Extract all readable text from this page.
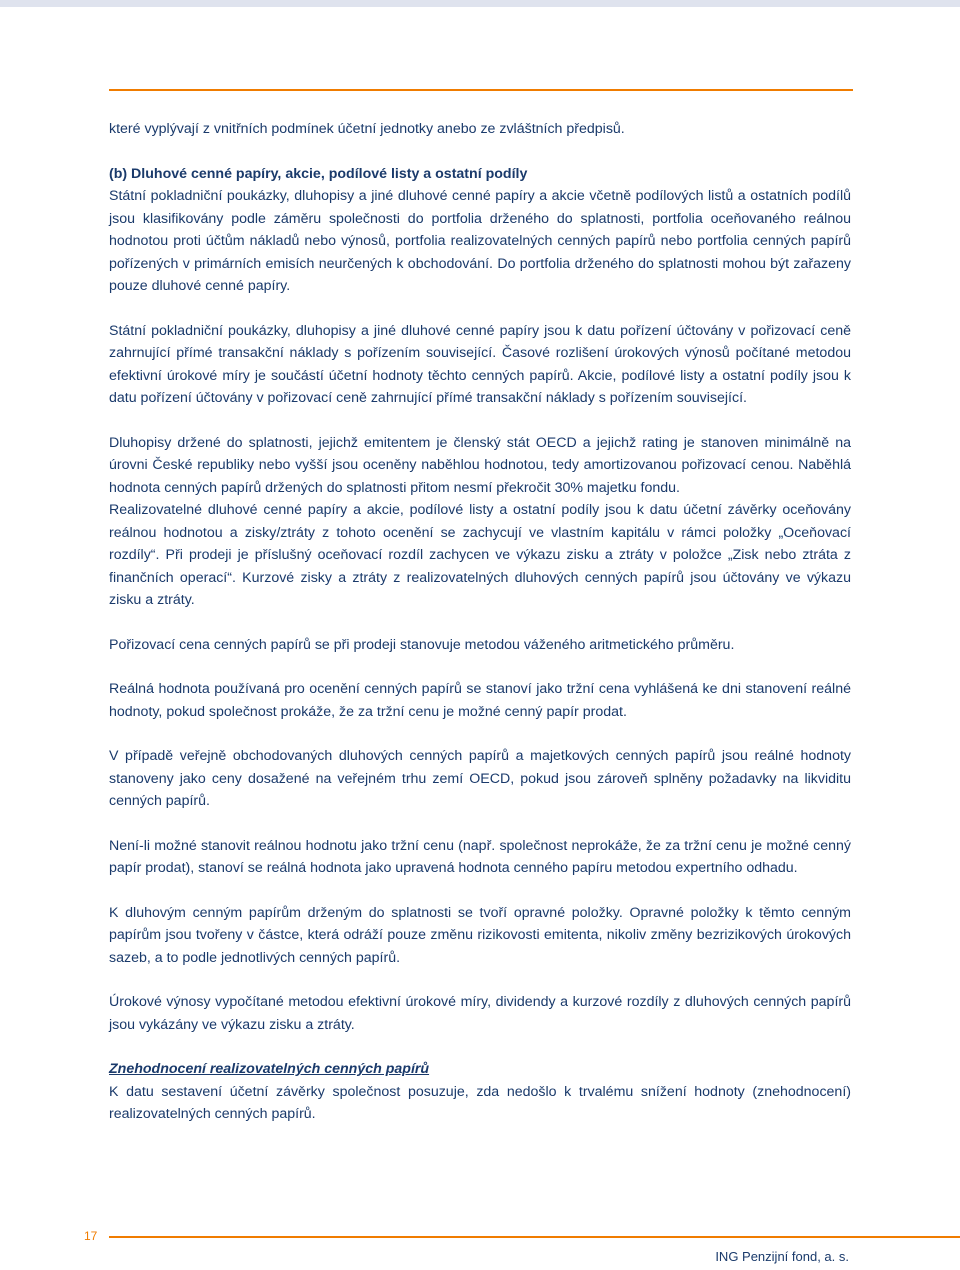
které vyplývají z vnitřních podmínek účetní jednotky anebo ze zvláštních předpisů.

(b) Dluhové cenné papíry, akcie, podílové listy a ostatní podíly

Státní pokladniční poukázky, dluhopisy a jiné dluhové cenné papíry a akcie včetně podílových listů a ostatních podílů jsou klasifikovány podle záměru společnosti do portfolia drženého do splatnosti, portfolia oceňovaného reálnou hodnotou proti účtům nákladů nebo výnosů, portfolia realizovatelných cenných papírů nebo portfolia cenných papírů pořízených v primárních emisích neurčených k obchodování. Do portfolia drženého do splatnosti mohou být zařazeny pouze dluhové cenné papíry.

Státní pokladniční poukázky, dluhopisy a jiné dluhové cenné papíry jsou k datu pořízení účtovány v pořizovací ceně zahrnující přímé transakční náklady s pořízením související. Časové rozlišení úrokových výnosů počítané metodou efektivní úrokové míry je součástí účetní hodnoty těchto cenných papírů. Akcie, podílové listy a ostatní podíly jsou k datu pořízení účtovány v pořizovací ceně zahrnující přímé transakční náklady s pořízením související.

Dluhopisy držené do splatnosti, jejichž emitentem je členský stát OECD a jejichž rating je stanoven minimálně na úrovni České republiky nebo vyšší jsou oceněny naběhlou hodnotou, tedy amortizovanou pořizovací cenou. Naběhlá hodnota cenných papírů držených do splatnosti přitom nesmí překročit 30% majetku fondu.

Realizovatelné dluhové cenné papíry a akcie, podílové listy a ostatní podíly jsou k datu účetní závěrky oceňovány reálnou hodnotou a zisky/ztráty z tohoto ocenění se zachycují ve vlastním kapitálu v rámci položky „Oceňovací rozdíly“. Při prodeji je příslušný oceňovací rozdíl zachycen ve výkazu zisku a ztráty v položce „Zisk nebo ztráta z finančních operací“. Kurzové zisky a ztráty z realizovatelných dluhových cenných papírů jsou účtovány ve výkazu zisku a ztráty.

Pořizovací cena cenných papírů se při prodeji stanovuje metodou váženého aritmetického průměru.

Reálná hodnota používaná pro ocenění cenných papírů se stanoví jako tržní cena vyhlášená ke dni stanovení reálné hodnoty, pokud společnost prokáže, že za tržní cenu je možné cenný papír prodat.

V případě veřejně obchodovaných dluhových cenných papírů a majetkových cenných papírů jsou reálné hodnoty stanoveny jako ceny dosažené na veřejném trhu zemí OECD, pokud jsou zároveň splněny požadavky na likviditu cenných papírů.

Není-li možné stanovit reálnou hodnotu jako tržní cenu (např. společnost neprokáže, že za tržní cenu je možné cenný papír prodat), stanoví se reálná hodnota jako upravená hodnota cenného papíru metodou expertního odhadu.

K dluhovým cenným papírům drženým do splatnosti se tvoří opravné položky. Opravné položky k těmto cenným papírům jsou tvořeny v částce, která odráží pouze změnu rizikovosti emitenta, nikoliv změny bezrizikových úrokových sazeb, a to podle jednotlivých cenných papírů.

Úrokové výnosy vypočítané metodou efektivní úrokové míry, dividendy a kurzové rozdíly z dluhových cenných papírů jsou vykázány ve výkazu zisku a ztráty.

Znehodnocení realizovatelných cenných papírů

K datu sestavení účetní závěrky společnost posuzuje, zda nedošlo k trvalému snížení hodnoty (znehodnocení) realizovatelných cenných papírů.

17
ING Penzijní fond, a. s.
